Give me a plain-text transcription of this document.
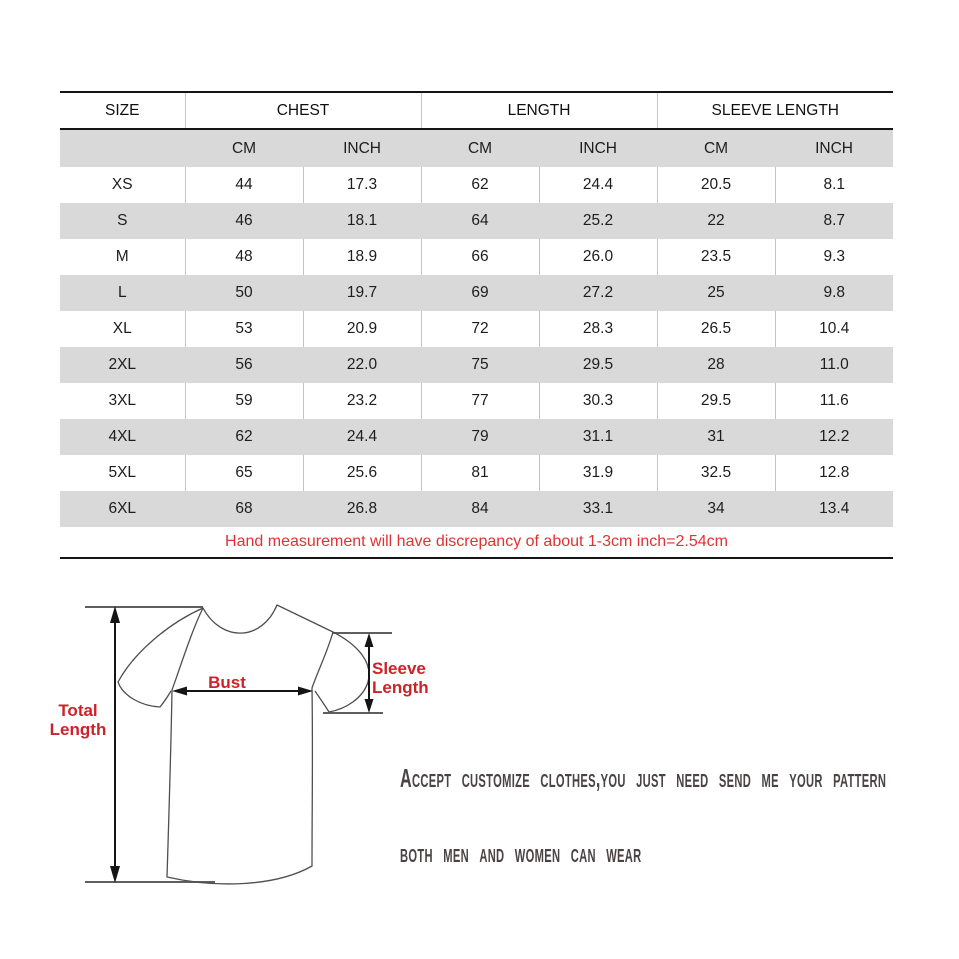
SIZE	CHEST		LENGTH		SLEEVE LENGTH	
	CM	INCH	CM	INCH	CM	INCH
XS	44	17.3	62	24.4	20.5	8.1
S	46	18.1	64	25.2	22	8.7
M	48	18.9	66	26.0	23.5	9.3
L	50	19.7	69	27.2	25	9.8
XL	53	20.9	72	28.3	26.5	10.4
2XL	56	22.0	75	29.5	28	11.0
3XL	59	23.2	77	30.3	29.5	11.6
4XL	62	24.4	79	31.1	31	12.2
5XL	65	25.6	81	31.9	32.5	12.8
6XL	68	26.8	84	33.1	34	13.4
Hand measurement will have discrepancy of about 1-3cm inch=2.54cm						
Total Length
Bust
Sleeve Length
Accept customize clothes,you just need send me your pattern
both men and women can wear
